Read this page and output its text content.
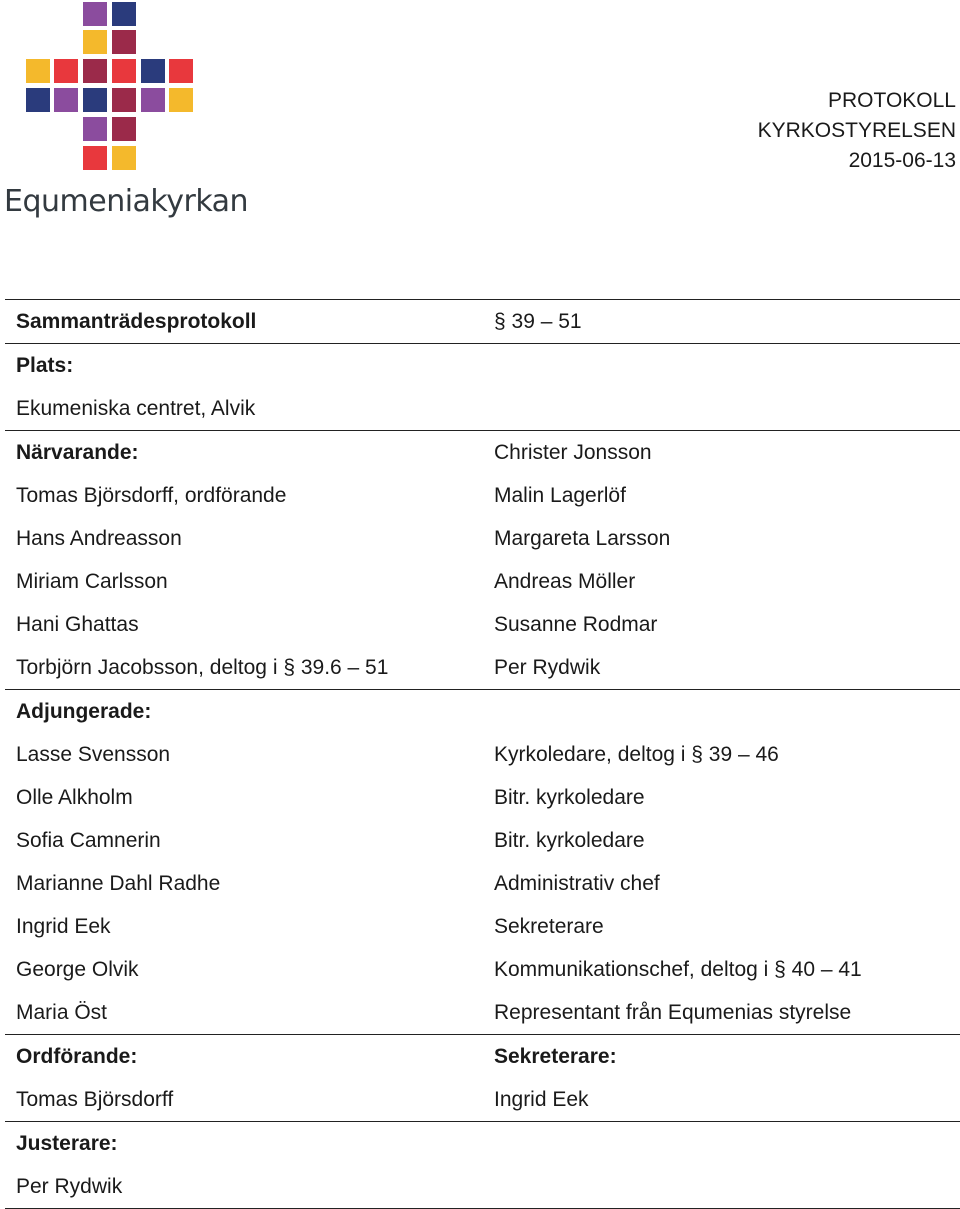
Equmeniakyrkan
PROTOKOLL
KYRKOSTYRELSEN
2015-06-13
Sammanträdesprotokoll	§ 39 – 51
Plats:
Ekumeniska centret, Alvik
Närvarande:	Christer Jonsson
Tomas Björsdorff, ordförande	Malin Lagerlöf
Hans Andreasson	Margareta Larsson
Miriam Carlsson	Andreas Möller
Hani Ghattas	Susanne Rodmar
Torbjörn Jacobsson, deltog i § 39.6 – 51	Per Rydwik
Adjungerade:
Lasse Svensson	Kyrkoledare, deltog i § 39 – 46
Olle Alkholm	Bitr. kyrkoledare
Sofia Camnerin	Bitr. kyrkoledare
Marianne Dahl Radhe	Administrativ chef
Ingrid Eek	Sekreterare
George Olvik	Kommunikationschef, deltog i § 40 – 41
Maria Öst	Representant från Equmenias styrelse
Ordförande:	Sekreterare:
Tomas Björsdorff	Ingrid Eek
Justerare:
Per Rydwik
